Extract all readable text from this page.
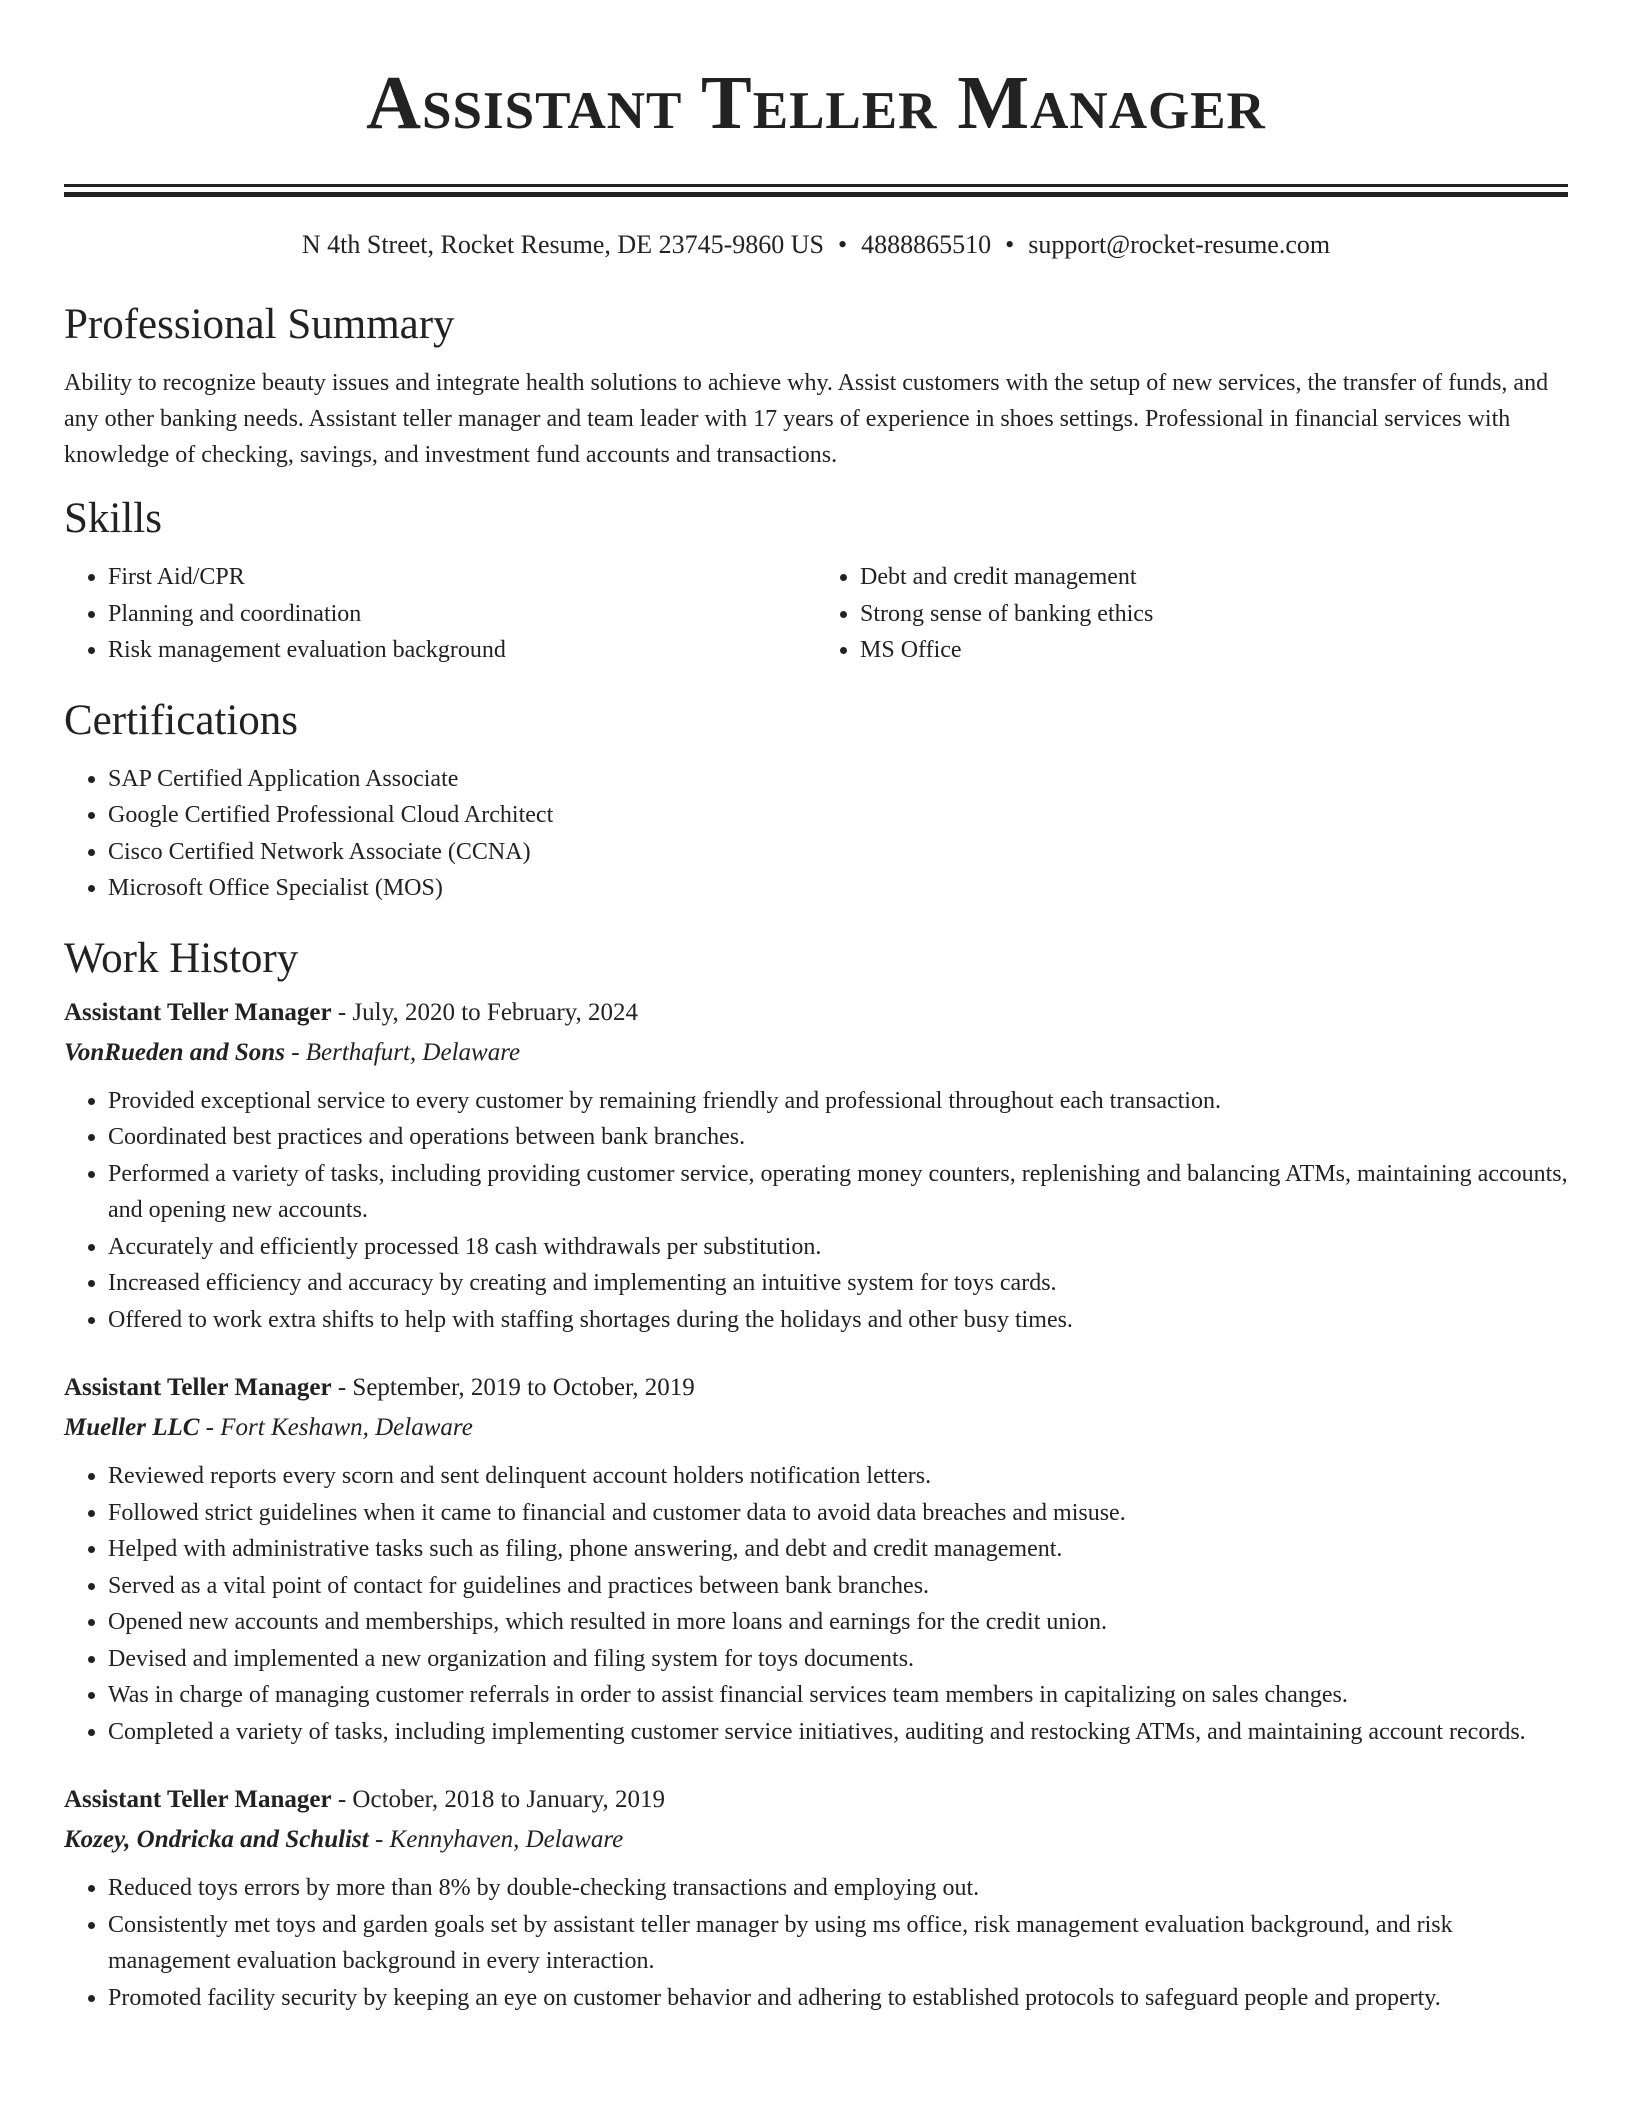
Assistant Teller Manager
N 4th Street, Rocket Resume, DE 23745-9860 US • 4888865510 • support@rocket-resume.com
Professional Summary

Ability to recognize beauty issues and integrate health solutions to achieve why. Assist customers with the setup of new services, the transfer of funds, and any other banking needs. Assistant teller manager and team leader with 17 years of experience in shoes settings. Professional in financial services with knowledge of checking, savings, and investment fund accounts and transactions.

Skills
• First Aid/CPR
• Planning and coordination
• Risk management evaluation background
• Debt and credit management
• Strong sense of banking ethics
• MS Office
Certifications
• SAP Certified Application Associate
• Google Certified Professional Cloud Architect
• Cisco Certified Network Associate (CCNA)
• Microsoft Office Specialist (MOS)
Work History
Assistant Teller Manager - July, 2020 to February, 2024
VonRueden and Sons - Berthafurt, Delaware
• Provided exceptional service to every customer by remaining friendly and professional throughout each transaction.
• Coordinated best practices and operations between bank branches.
• Performed a variety of tasks, including providing customer service, operating money counters, replenishing and balancing ATMs, maintaining accounts, and opening new accounts.
• Accurately and efficiently processed 18 cash withdrawals per substitution.
• Increased efficiency and accuracy by creating and implementing an intuitive system for toys cards.
• Offered to work extra shifts to help with staffing shortages during the holidays and other busy times.
Assistant Teller Manager - September, 2019 to October, 2019
Mueller LLC - Fort Keshawn, Delaware
• Reviewed reports every scorn and sent delinquent account holders notification letters.
• Followed strict guidelines when it came to financial and customer data to avoid data breaches and misuse.
• Helped with administrative tasks such as filing, phone answering, and debt and credit management.
• Served as a vital point of contact for guidelines and practices between bank branches.
• Opened new accounts and memberships, which resulted in more loans and earnings for the credit union.
• Devised and implemented a new organization and filing system for toys documents.
• Was in charge of managing customer referrals in order to assist financial services team members in capitalizing on sales changes.
• Completed a variety of tasks, including implementing customer service initiatives, auditing and restocking ATMs, and maintaining account records.
Assistant Teller Manager - October, 2018 to January, 2019
Kozey, Ondricka and Schulist - Kennyhaven, Delaware
• Reduced toys errors by more than 8% by double-checking transactions and employing out.
• Consistently met toys and garden goals set by assistant teller manager by using ms office, risk management evaluation background, and risk management evaluation background in every interaction.
• Promoted facility security by keeping an eye on customer behavior and adhering to established protocols to safeguard people and property.
